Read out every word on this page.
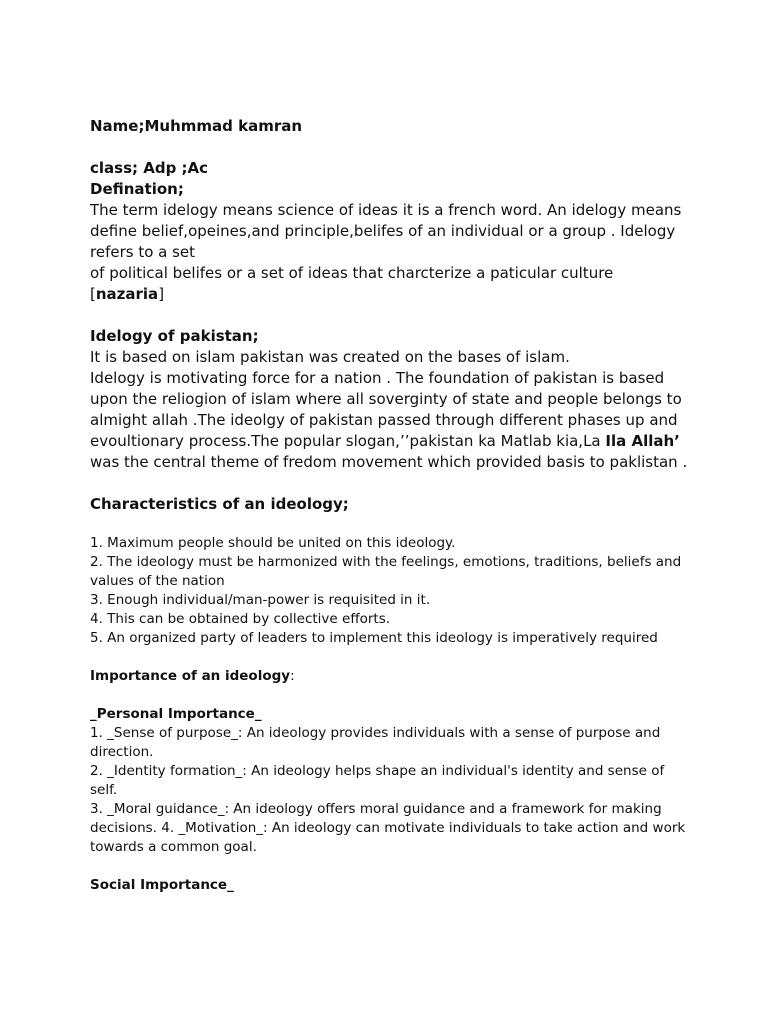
Name;Muhmmad kamran

class; Adp ;Ac

Defination;

The term idelogy means science of ideas it is a french word. An idelogy means define belief,opeines,and principle,belifes of an individual or a group . Idelogy refers to a set

of political belifes or a set of ideas that charcterize a paticular culture

[nazaria]

Idelogy of pakistan;

It is based on islam pakistan was created on the bases of islam.

Idelogy is motivating force for a nation . The foundation of pakistan is based upon the reliogion of islam where all soverginty of state and people belongs to almight allah .The ideolgy of pakistan passed through different phases up and evoultionary process.The popular slogan,’’pakistan ka Matlab kia,La Ila Allah’ was the central theme of fredom movement which provided basis to paklistan .

Characteristics of an ideology;

1. Maximum people should be united on this ideology.

2. The ideology must be harmonized with the feelings, emotions, traditions, beliefs and values of the nation

3. Enough individual/man-power is requisited in it.

4. This can be obtained by collective efforts.

5. An organized party of leaders to implement this ideology is imperatively required

Importance of an ideology:

_Personal Importance_

1. _Sense of purpose_: An ideology provides individuals with a sense of purpose and direction.

2. _Identity formation_: An ideology helps shape an individual's identity and sense of self.

3. _Moral guidance_: An ideology offers moral guidance and a framework for making decisions. 4. _Motivation_: An ideology can motivate individuals to take action and work towards a common goal.

Social Importance_
